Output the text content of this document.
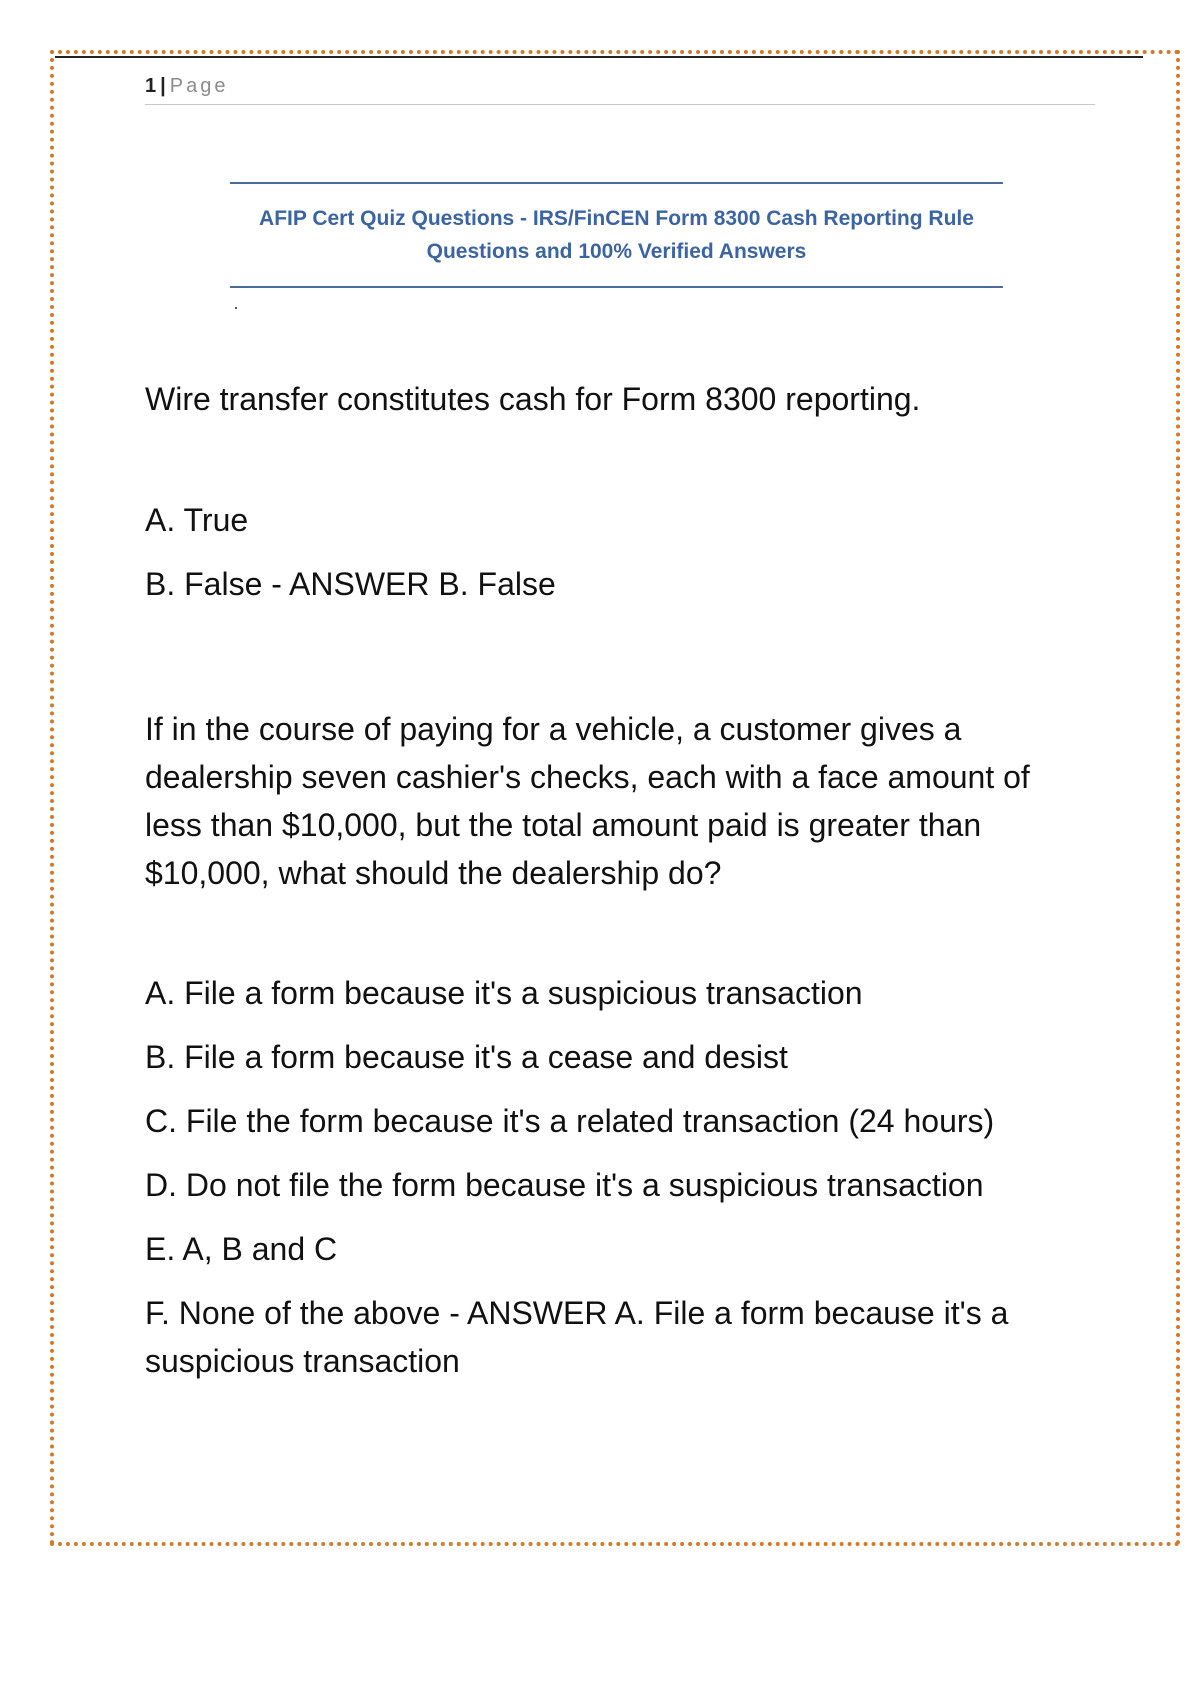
1 | Page

AFIP Cert Quiz Questions - IRS/FinCEN Form 8300 Cash Reporting Rule Questions and 100% Verified Answers

Wire transfer constitutes cash for Form 8300 reporting.

A. True

B. False - ANSWER B. False

If in the course of paying for a vehicle, a customer gives a dealership seven cashier's checks, each with a face amount of less than $10,000, but the total amount paid is greater than $10,000, what should the dealership do?

A. File a form because it's a suspicious transaction

B. File a form because it's a cease and desist

C. File the form because it's a related transaction (24 hours)

D. Do not file the form because it's a suspicious transaction

E. A, B and C

F. None of the above - ANSWER A. File a form because it's a suspicious transaction
